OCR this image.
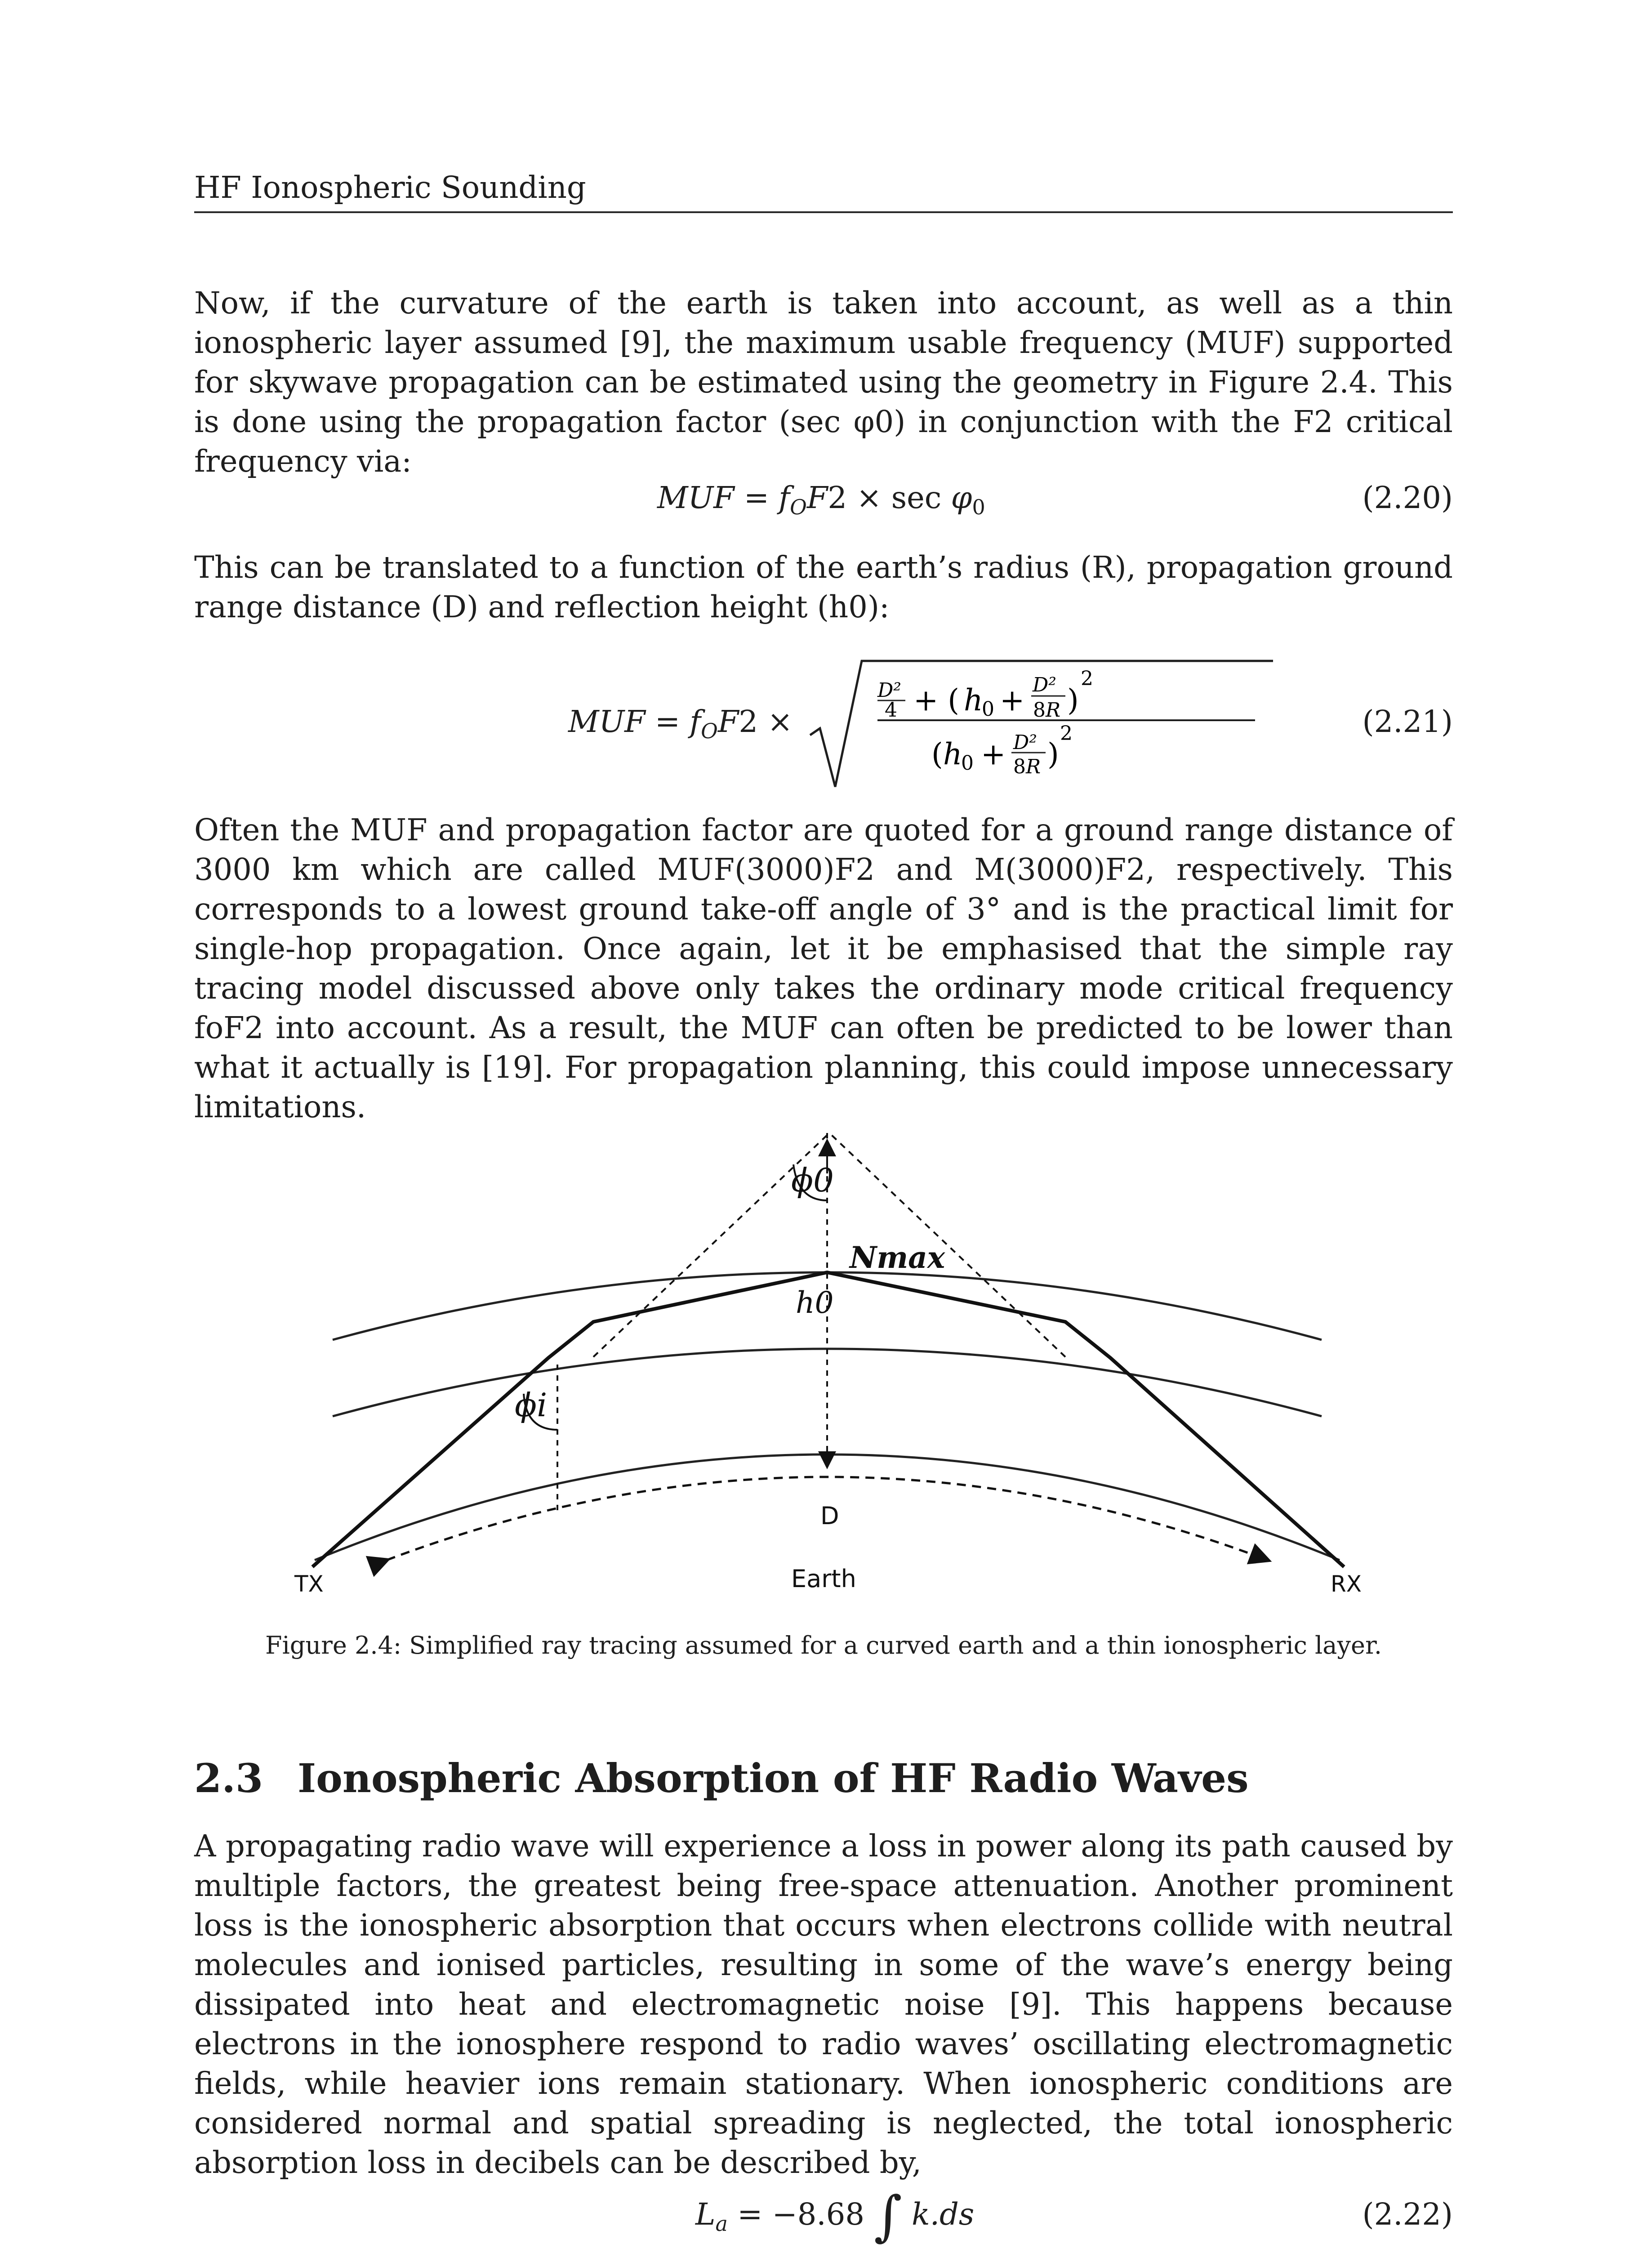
HF Ionospheric Sounding

Now, if the curvature of the earth is taken into account, as well as a thin ionospheric layer assumed [9], the maximum usable frequency (MUF) supported for skywave propagation can be estimated using the geometry in Figure 2.4. This is done using the propagation factor (sec φ0) in conjunction with the F2 critical frequency via:

MUF = $f_OF2 \times \sec \varphi_0$	(2.20)

This can be translated to a function of the earth’s radius (R), propagation ground range distance (D) and reflection height (h0):

MUF = $f_OF2$ ×
D²
4 + ( h
0 + D²
8R )
2
( h
0 + D²
8R )
2	(2.21)

Often the MUF and propagation factor are quoted for a ground range distance of 3000 km which are called MUF(3000)F2 and M(3000)F2, respectively. This corresponds to a lowest ground take-off angle of 3° and is the practical limit for single-hop propagation. Once again, let it be emphasised that the simple ray tracing model discussed above only takes the ordinary mode critical frequency foF2 into account. As a result, the MUF can often be predicted to be lower than what it actually is [19]. For propagation planning, this could impose unnecessary limitations.

ϕ0
Nmax
h0
ϕi
D
Earth
TX	RX
Figure 2.4: Simplified ray tracing assumed for a curved earth and a thin ionospheric layer.
2.3 Ionospheric Absorption of HF Radio Waves

A propagating radio wave will experience a loss in power along its path caused by multiple factors, the greatest being free-space attenuation. Another prominent loss is the ionospheric absorption that occurs when electrons collide with neutral molecules and ionised particles, resulting in some of the wave’s energy being dissipated into heat and electromagnetic noise [9]. This happens because electrons in the ionosphere respond to radio waves’ oscillating electromagnetic fields, while heavier ions remain stationary. When ionospheric conditions are considered normal and spatial spreading is neglected, the total ionospheric absorption loss in decibels can be described by,

$L_a = -8.68$ ∫ k.ds	(2.22)
